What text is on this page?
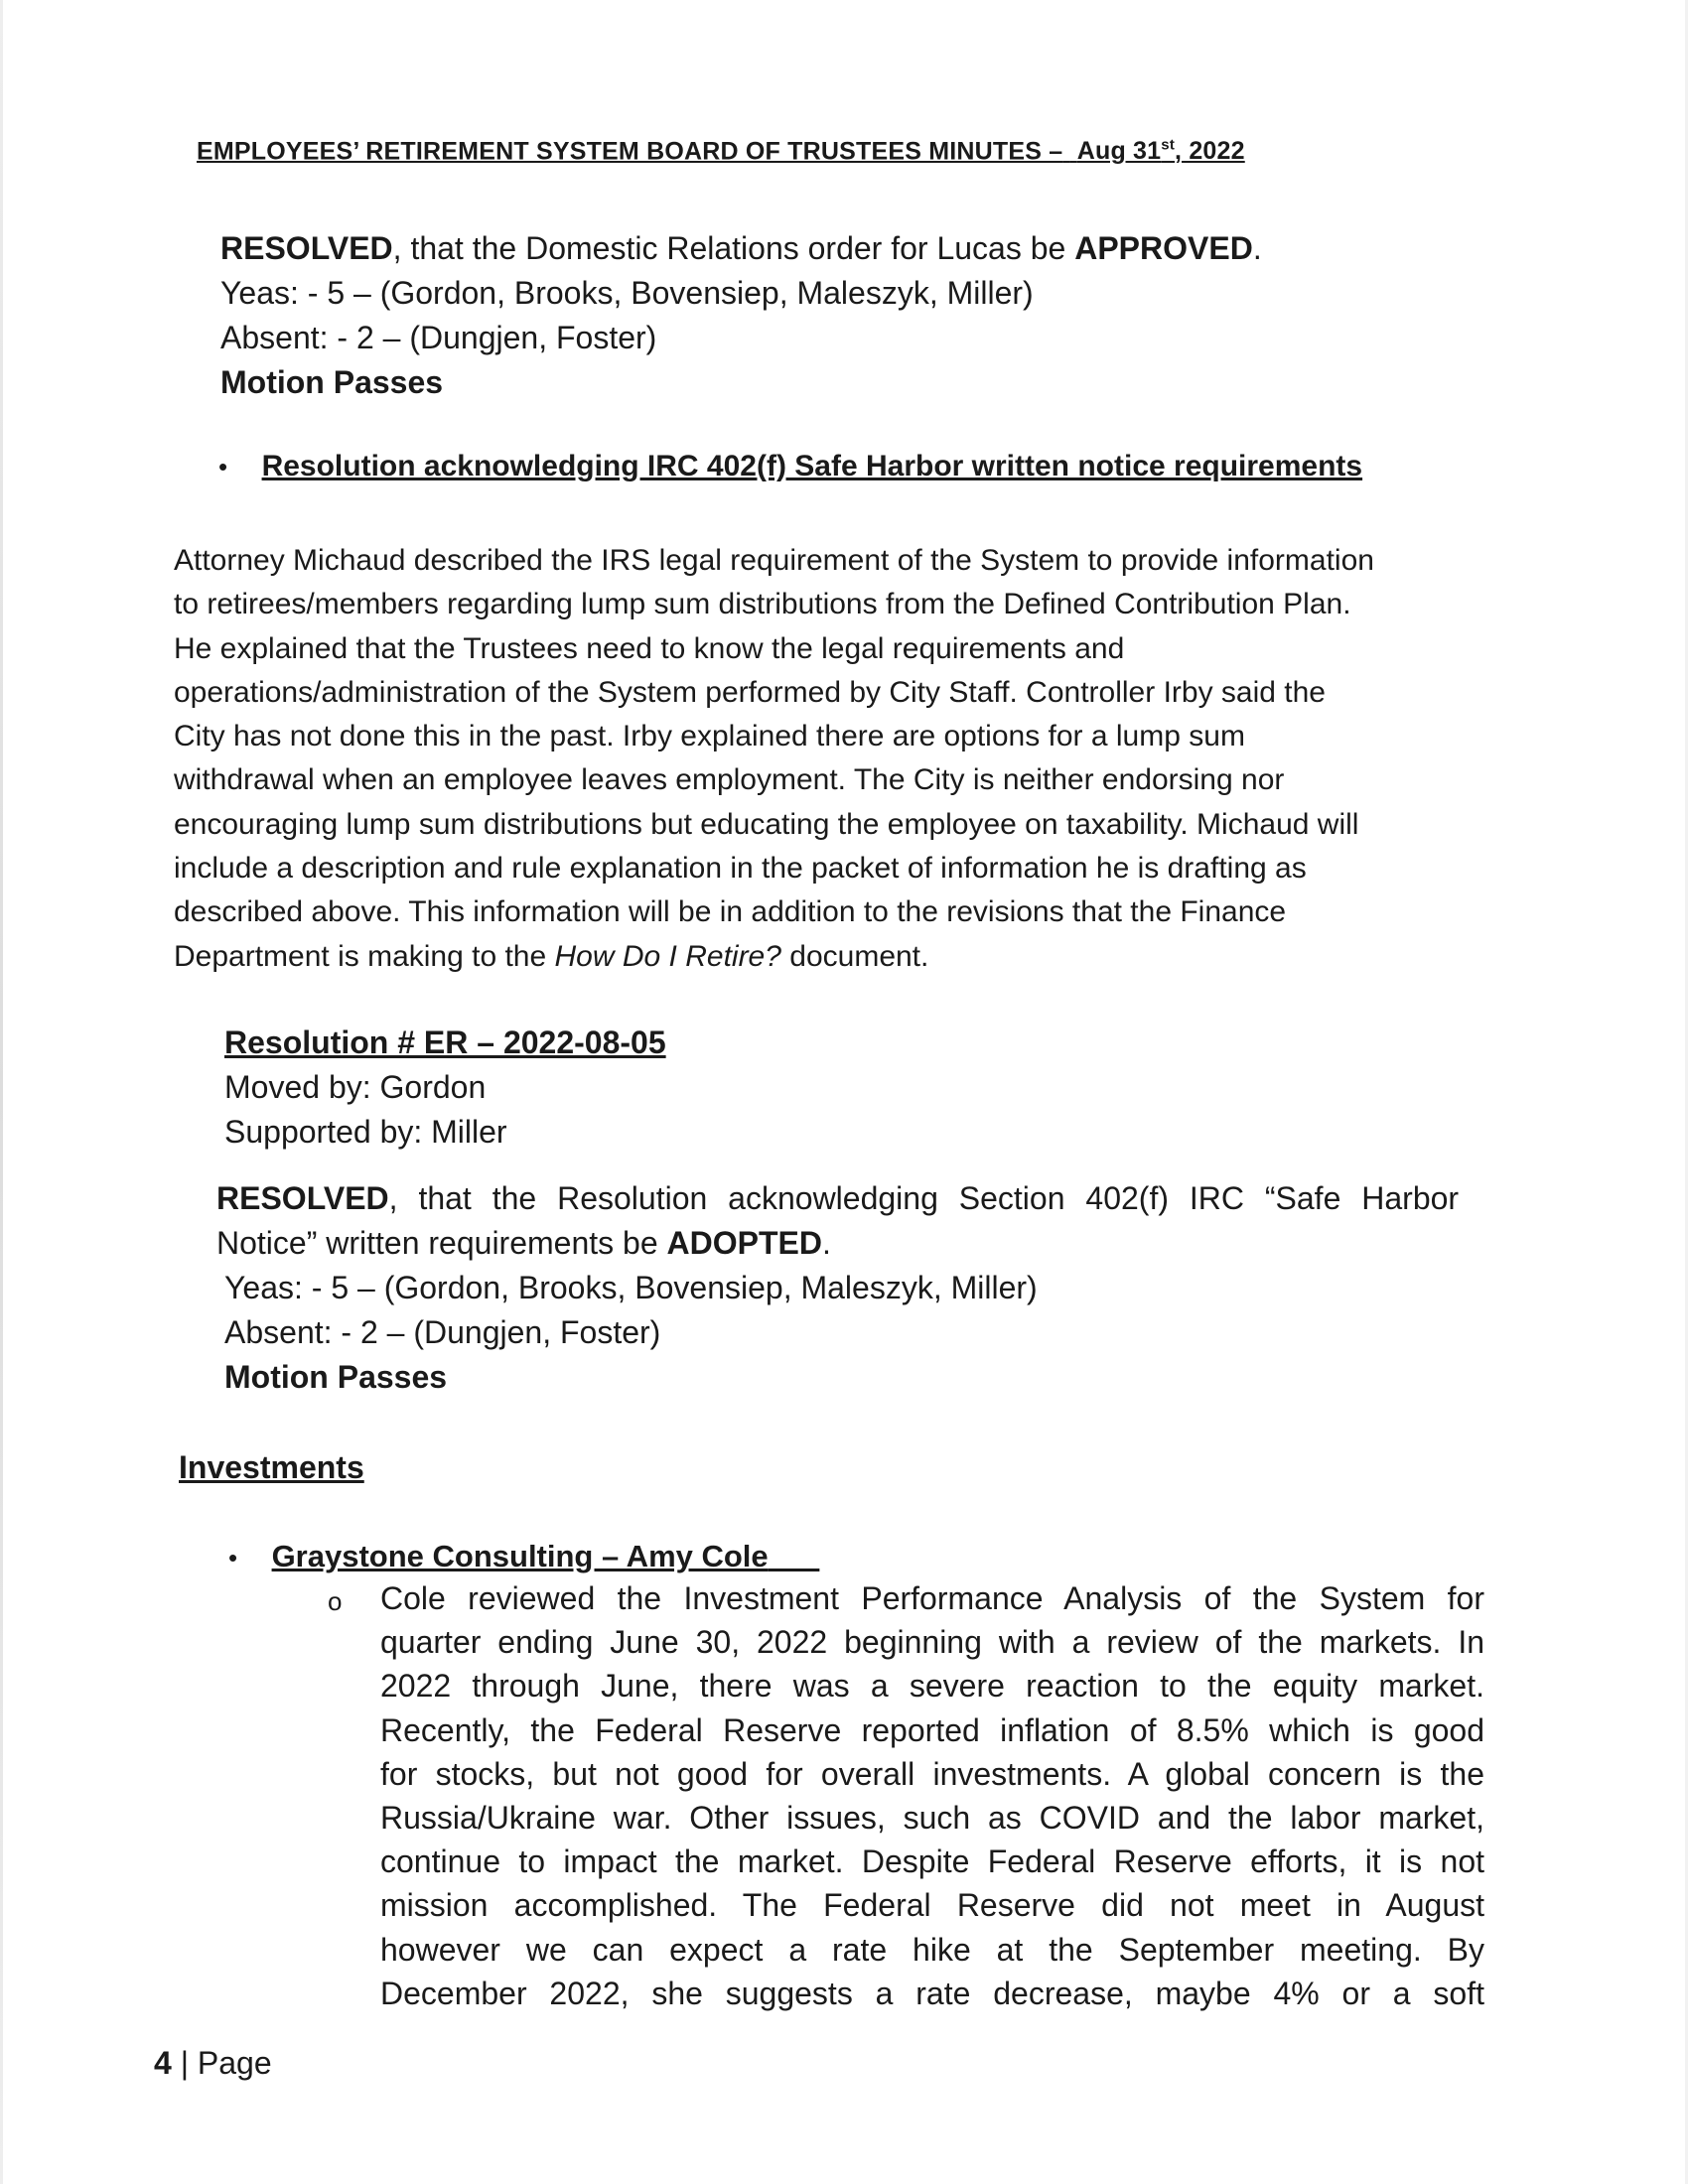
EMPLOYEES’ RETIREMENT SYSTEM BOARD OF TRUSTEES MINUTES – Aug 31st, 2022
RESOLVED, that the Domestic Relations order for Lucas be APPROVED.
Yeas: - 5 – (Gordon, Brooks, Bovensiep, Maleszyk, Miller)
Absent: - 2 – (Dungjen, Foster)
Motion Passes
• Resolution acknowledging IRC 402(f) Safe Harbor written notice requirements
Attorney Michaud described the IRS legal requirement of the System to provide information
to retirees/members regarding lump sum distributions from the Defined Contribution Plan.
He explained that the Trustees need to know the legal requirements and
operations/administration of the System performed by City Staff. Controller Irby said the
City has not done this in the past. Irby explained there are options for a lump sum
withdrawal when an employee leaves employment. The City is neither endorsing nor
encouraging lump sum distributions but educating the employee on taxability. Michaud will
include a description and rule explanation in the packet of information he is drafting as
described above. This information will be in addition to the revisions that the Finance
Department is making to the How Do I Retire? document.
Resolution # ER – 2022-08-05
Moved by: Gordon
Supported by: Miller
RESOLVED, that the Resolution acknowledging Section 402(f) IRC “Safe Harbor
Notice” written requirements be ADOPTED.
Yeas: - 5 – (Gordon, Brooks, Bovensiep, Maleszyk, Miller)
Absent: - 2 – (Dungjen, Foster)
Motion Passes
Investments
• Graystone Consulting – Amy Cole
o Cole reviewed the Investment Performance Analysis of the System for
quarter ending June 30, 2022 beginning with a review of the markets. In
2022 through June, there was a severe reaction to the equity market.
Recently, the Federal Reserve reported inflation of 8.5% which is good
for stocks, but not good for overall investments. A global concern is the
Russia/Ukraine war. Other issues, such as COVID and the labor market,
continue to impact the market. Despite Federal Reserve efforts, it is not
mission accomplished. The Federal Reserve did not meet in August
however we can expect a rate hike at the September meeting. By
December 2022, she suggests a rate decrease, maybe 4% or a soft
4 | Page
